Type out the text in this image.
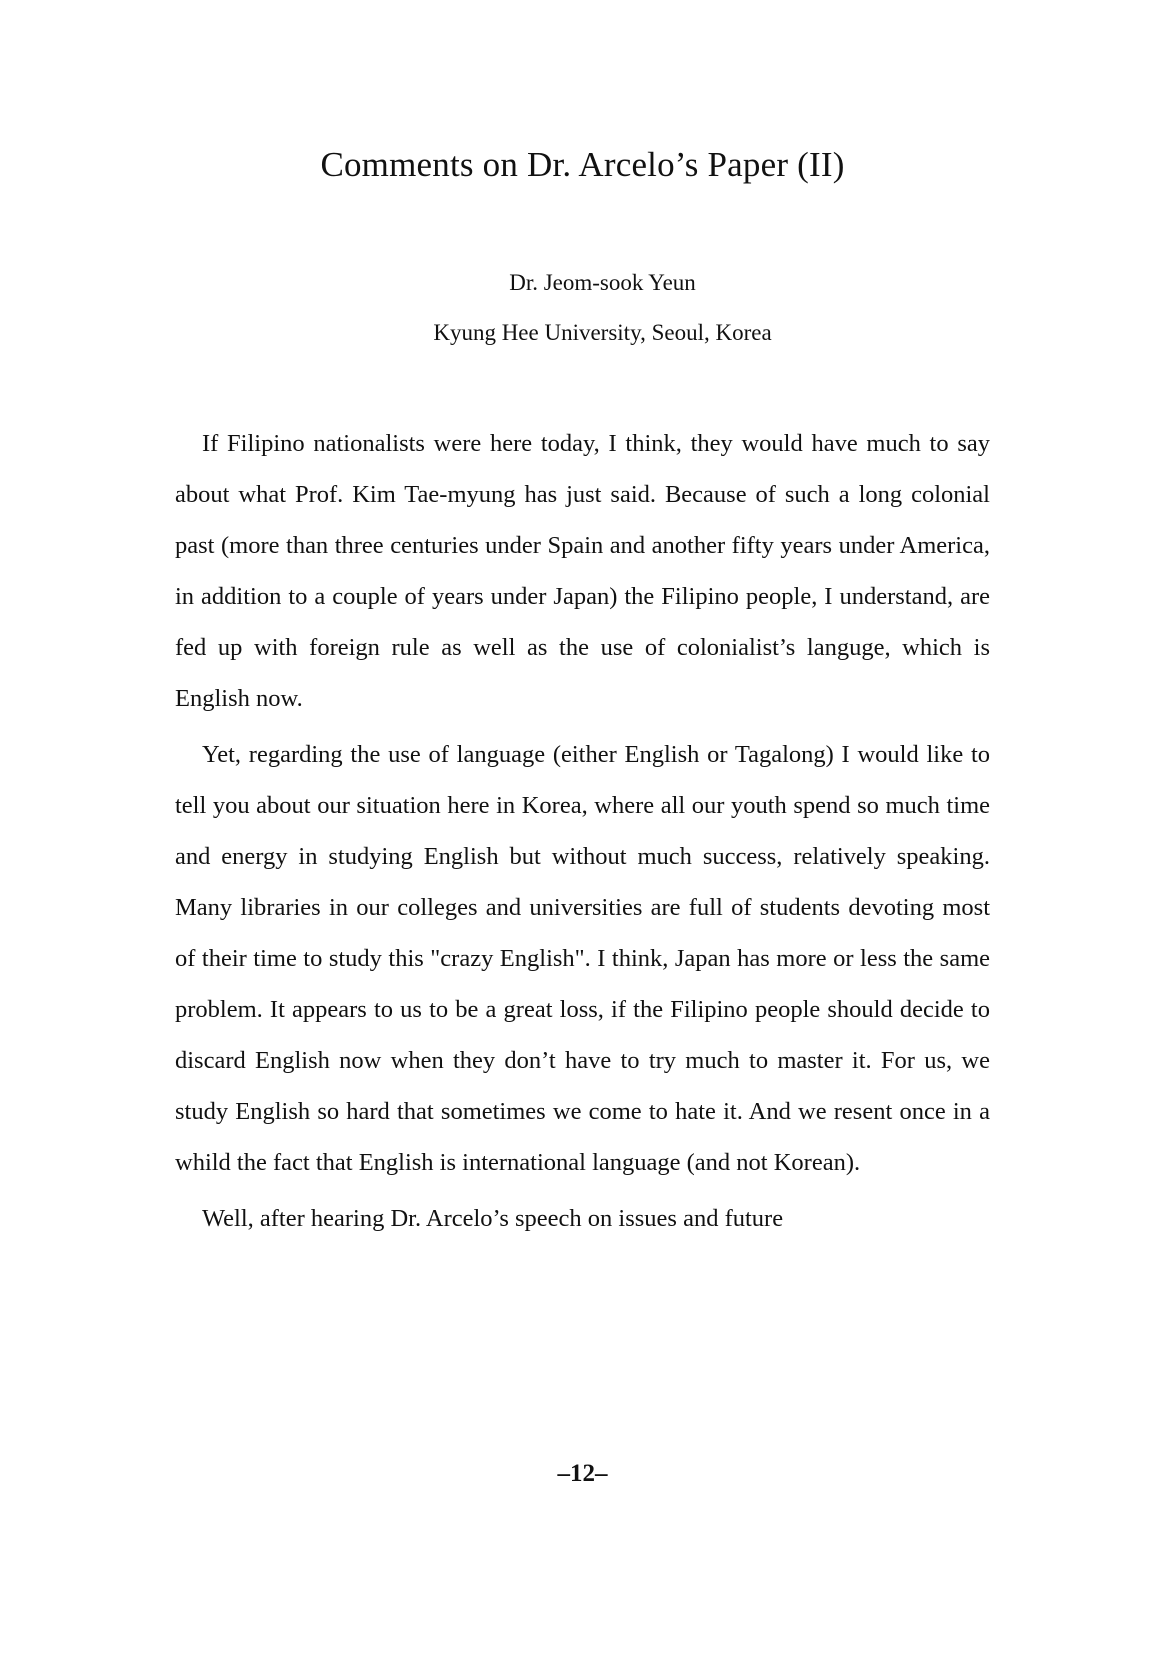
Comments on Dr. Arcelo’s Paper (II)
Dr. Jeom-sook Yeun
Kyung Hee University, Seoul, Korea

If Filipino nationalists were here today, I think, they would have much to say about what Prof. Kim Tae-myung has just said. Because of such a long colonial past (more than three centuries under Spain and another fifty years under America, in addition to a couple of years under Japan) the Filipino people, I understand, are fed up with foreign rule as well as the use of colonialist’s languge, which is English now.

Yet, regarding the use of language (either English or Tagalong) I would like to tell you about our situation here in Korea, where all our youth spend so much time and energy in studying English but without much success, relatively speaking. Many libraries in our colleges and universities are full of students devoting most of their time to study this "crazy English". I think, Japan has more or less the same problem. It appears to us to be a great loss, if the Filipino people should decide to discard English now when they don’t have to try much to master it. For us, we study English so hard that sometimes we come to hate it. And we resent once in a whild the fact that English is international language (and not Korean).

Well, after hearing Dr. Arcelo’s speech on issues and future

–12–
